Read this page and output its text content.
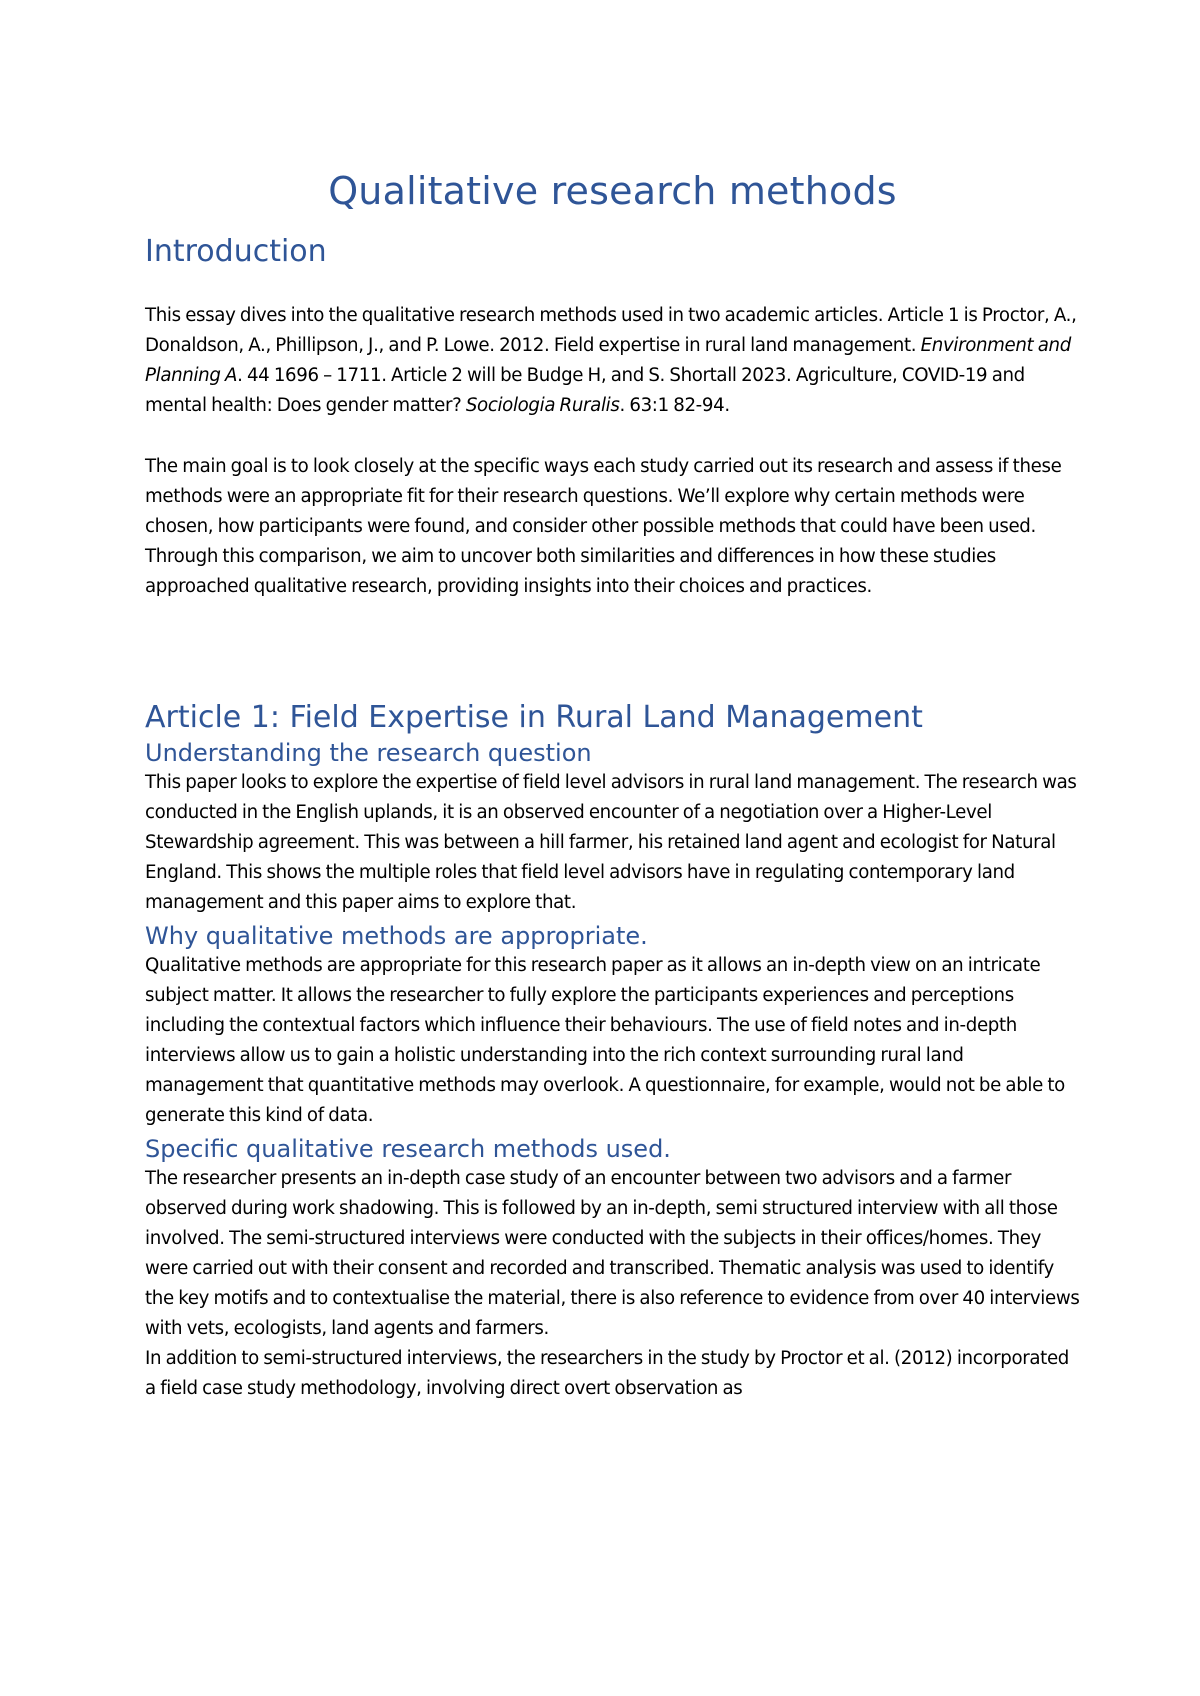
Qualitative research methods
Introduction

This essay dives into the qualitative research methods used in two academic articles. Article 1 is Proctor, A., Donaldson, A., Phillipson, J., and P. Lowe. 2012. Field expertise in rural land management. Environment and Planning A. 44 1696 – 1711. Article 2 will be Budge H, and S. Shortall 2023. Agriculture, COVID-19 and mental health: Does gender matter? Sociologia Ruralis. 63:1 82-94.

The main goal is to look closely at the specific ways each study carried out its research and assess if these methods were an appropriate fit for their research questions. We’ll explore why certain methods were chosen, how participants were found, and consider other possible methods that could have been used. Through this comparison, we aim to uncover both similarities and differences in how these studies approached qualitative research, providing insights into their choices and practices.

Article 1: Field Expertise in Rural Land Management
Understanding the research question

This paper looks to explore the expertise of field level advisors in rural land management. The research was conducted in the English uplands, it is an observed encounter of a negotiation over a Higher-Level Stewardship agreement. This was between a hill farmer, his retained land agent and ecologist for Natural England. This shows the multiple roles that field level advisors have in regulating contemporary land management and this paper aims to explore that.

Why qualitative methods are appropriate.

Qualitative methods are appropriate for this research paper as it allows an in-depth view on an intricate subject matter. It allows the researcher to fully explore the participants experiences and perceptions including the contextual factors which influence their behaviours. The use of field notes and in-depth interviews allow us to gain a holistic understanding into the rich context surrounding rural land management that quantitative methods may overlook. A questionnaire, for example, would not be able to generate this kind of data.

Specific qualitative research methods used.

The researcher presents an in-depth case study of an encounter between two advisors and a farmer observed during work shadowing. This is followed by an in-depth, semi structured interview with all those involved. The semi-structured interviews were conducted with the subjects in their offices/homes. They were carried out with their consent and recorded and transcribed. Thematic analysis was used to identify the key motifs and to contextualise the material, there is also reference to evidence from over 40 interviews with vets, ecologists, land agents and farmers.

In addition to semi-structured interviews, the researchers in the study by Proctor et al. (2012) incorporated a field case study methodology, involving direct overt observation as
